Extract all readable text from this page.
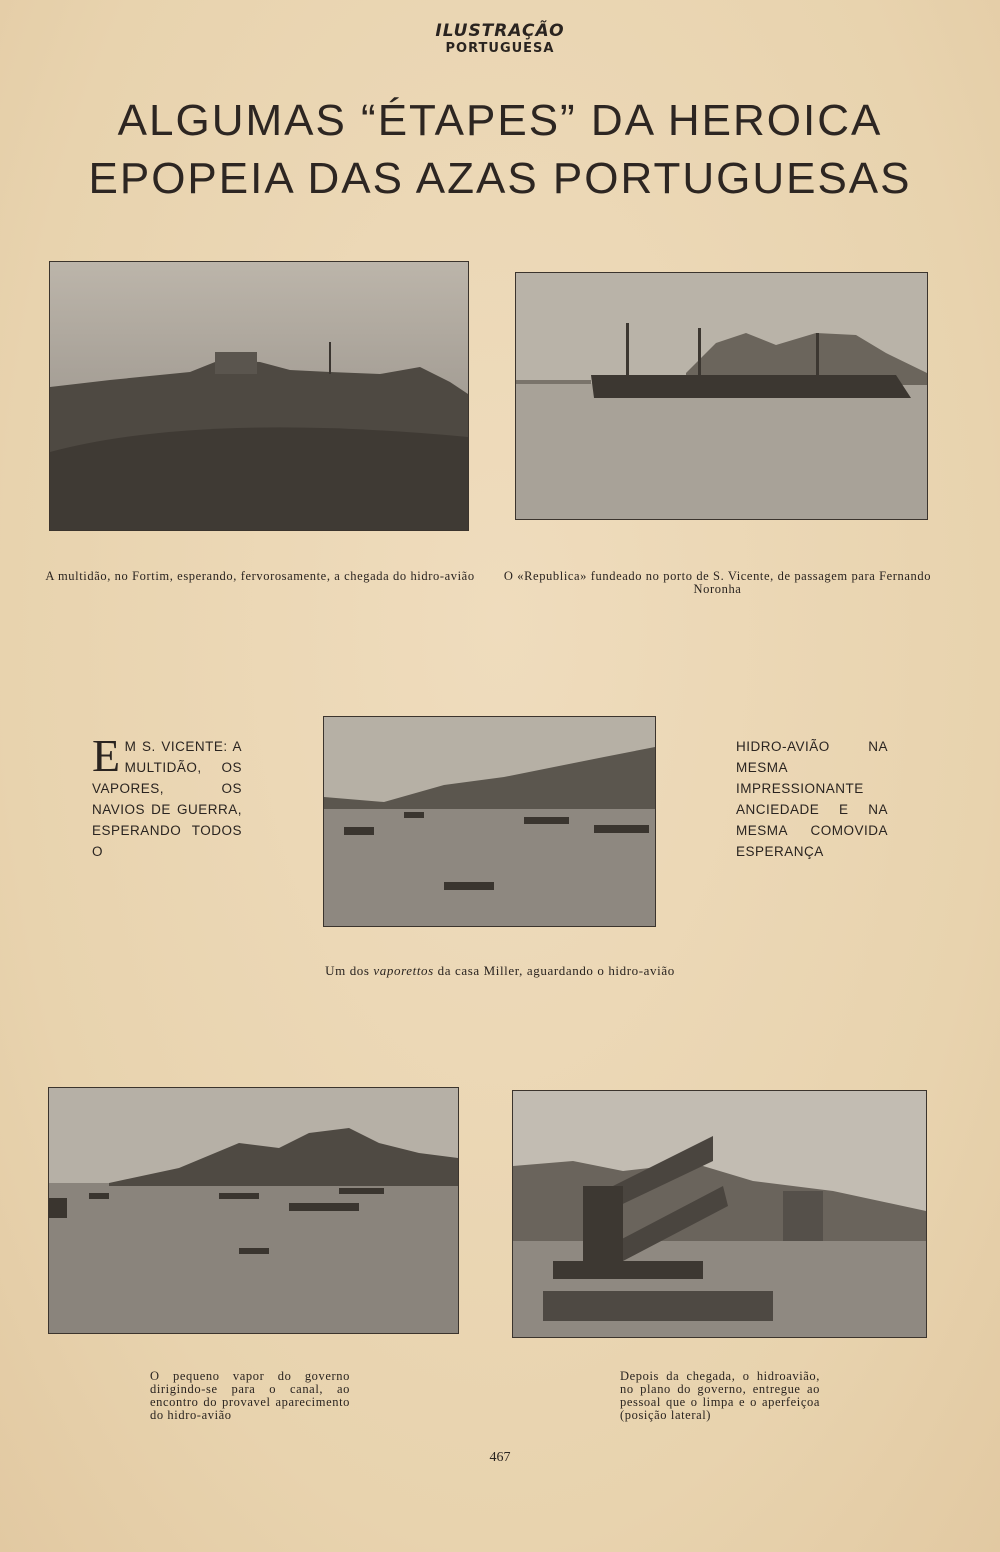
ILUSTRAÇÃO
PORTUGUESA
ALGUMAS “ÉTAPES” DA HEROICA
EPOPEIA DAS AZAS PORTUGUESAS
A multidão, no Fortim, esperando, fervorosamente, a chegada do hidro-avião	O «Republica» fundeado no porto de S. Vicente, de passagem para Fernando Noronha
E M S. VICENTE: A MULTIDÃO, OS VAPORES, OS NAVIOS DE GUERRA, ESPERANDO TODOS O
HIDRO-AVIÃO NA MESMA IMPRESSIONANTE ANCIEDADE E NA MESMA COMOVIDA ESPERANÇA
Um dos vaporettos da casa Miller, aguardando o hidro-avião
O pequeno vapor do governo dirigindo-se para o canal, ao encontro do provavel aparecimento do hidro-avião
Depois da chegada, o hidroavião, no plano do governo, entregue ao pessoal que o limpa e o aperfeiçoa (posição lateral)
467
